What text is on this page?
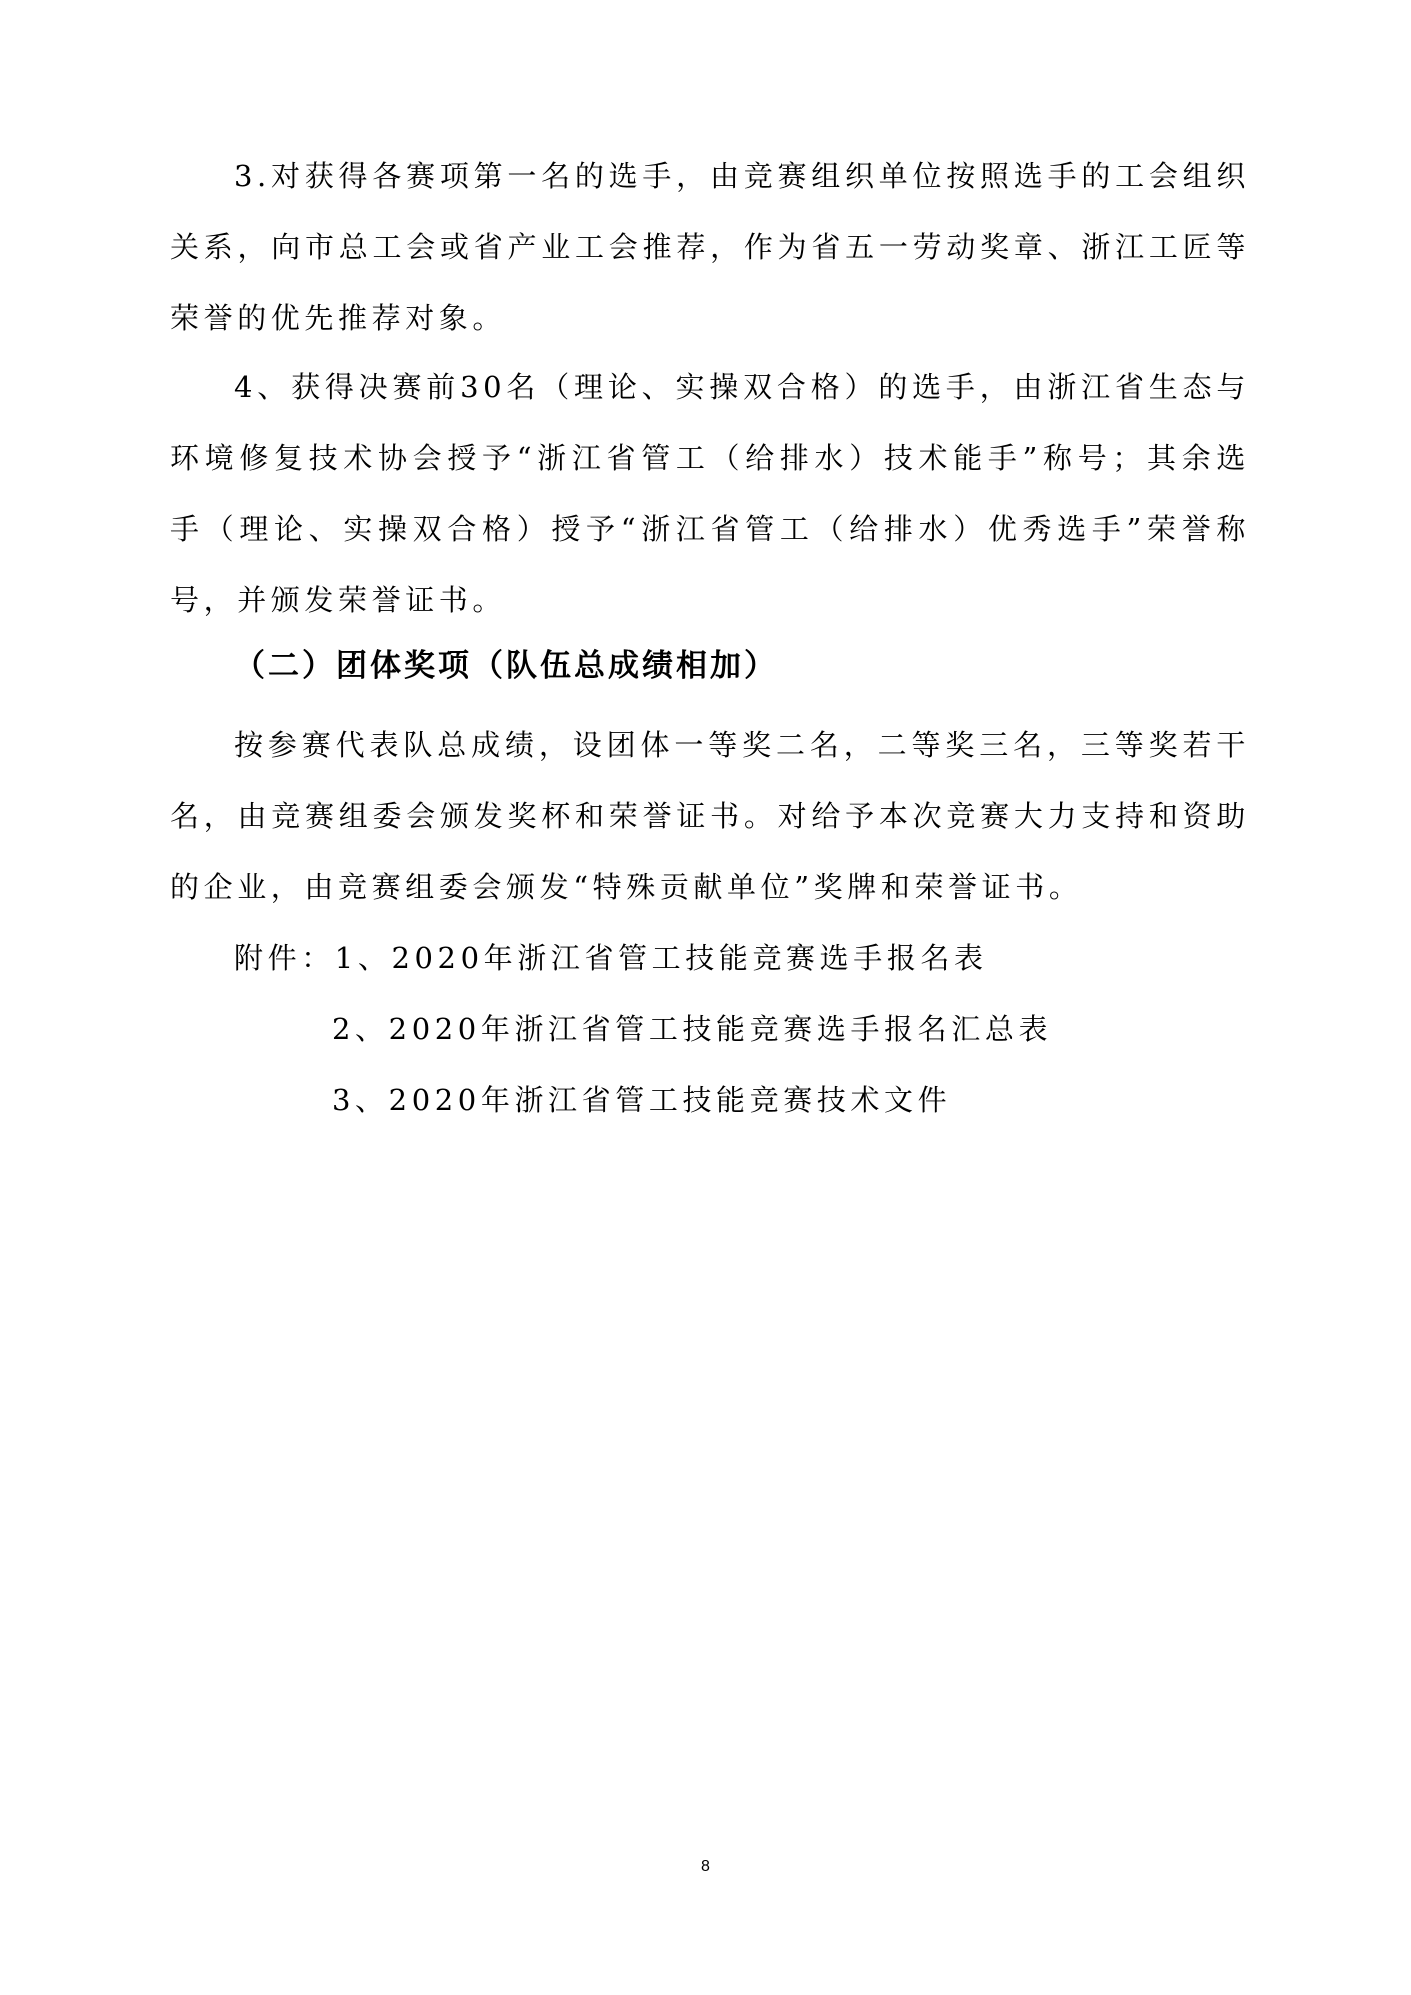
3.对获得各赛项第一名的选手，由竞赛组织单位按照选手的工会组织关系，向市总工会或省产业工会推荐，作为省五一劳动奖章、浙江工匠等荣誉的优先推荐对象。

4、获得决赛前30名（理论、实操双合格）的选手，由浙江省生态与环境修复技术协会授予“浙江省管工（给排水）技术能手”称号；其余选手（理论、实操双合格）授予“浙江省管工（给排水）优秀选手”荣誉称号，并颁发荣誉证书。

（二）团体奖项（队伍总成绩相加）

按参赛代表队总成绩，设团体一等奖二名，二等奖三名，三等奖若干名，由竞赛组委会颁发奖杯和荣誉证书。对给予本次竞赛大力支持和资助的企业，由竞赛组委会颁发“特殊贡献单位”奖牌和荣誉证书。

附件：1、2020年浙江省管工技能竞赛选手报名表

2、2020年浙江省管工技能竞赛选手报名汇总表

3、2020年浙江省管工技能竞赛技术文件

8
